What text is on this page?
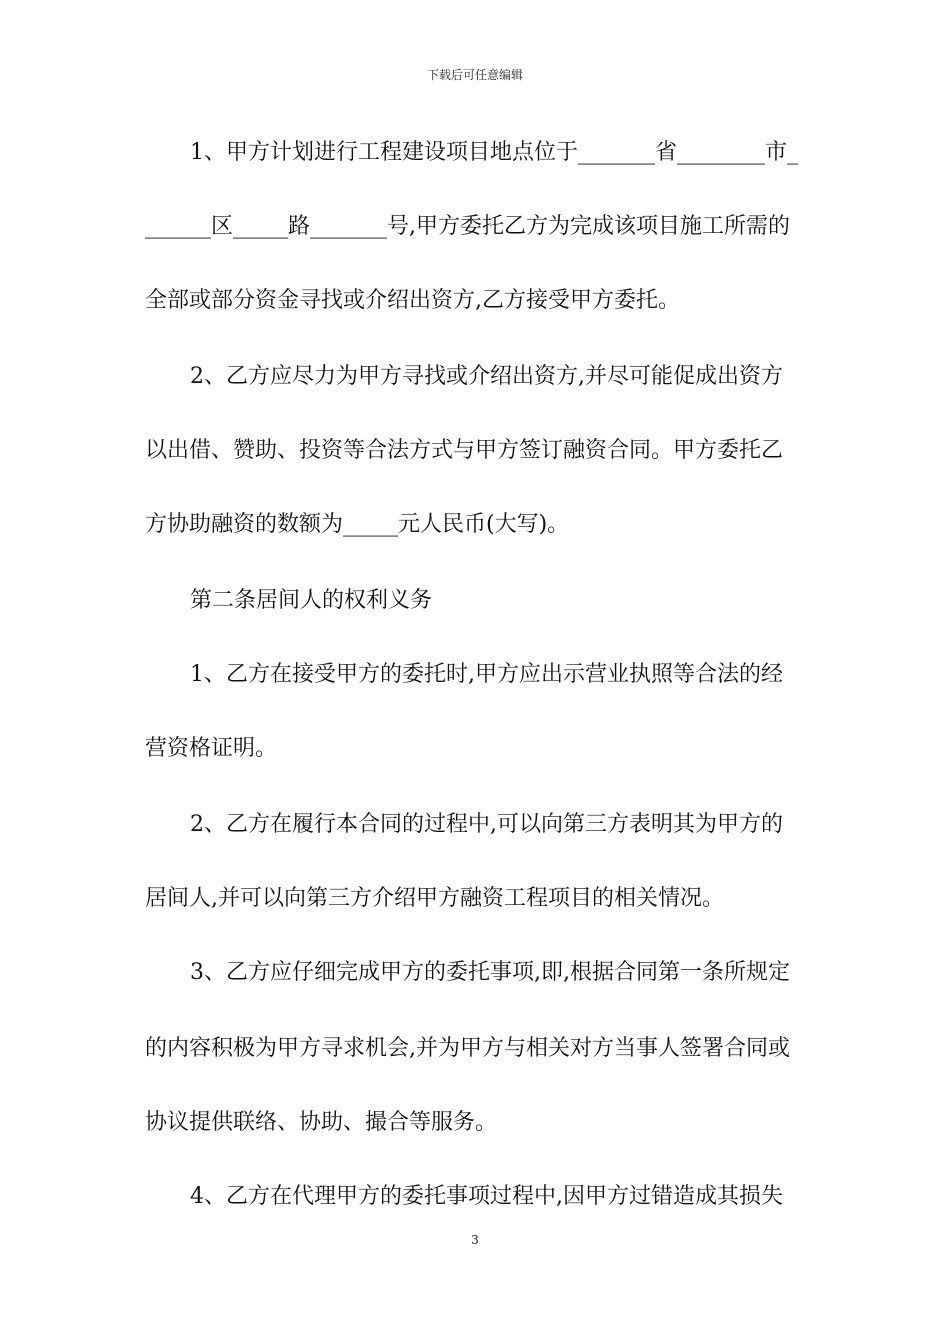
下载后可任意编辑
1、甲方计划进行工程建设项目地点位于_______省________市_
______区_____路_______号,甲方委托乙方为完成该项目施工所需的
全部或部分资金寻找或介绍出资方,乙方接受甲方委托。
2、乙方应尽力为甲方寻找或介绍出资方,并尽可能促成出资方
以出借、赞助、投资等合法方式与甲方签订融资合同。甲方委托乙
方协助融资的数额为_____元人民币(大写)。
第二条居间人的权利义务
1、乙方在接受甲方的委托时,甲方应出示营业执照等合法的经
营资格证明。
2、乙方在履行本合同的过程中,可以向第三方表明其为甲方的
居间人,并可以向第三方介绍甲方融资工程项目的相关情况。
3、乙方应仔细完成甲方的委托事项,即,根据合同第一条所规定
的内容积极为甲方寻求机会,并为甲方与相关对方当事人签署合同或
协议提供联络、协助、撮合等服务。
4、乙方在代理甲方的委托事项过程中,因甲方过错造成其损失
3
